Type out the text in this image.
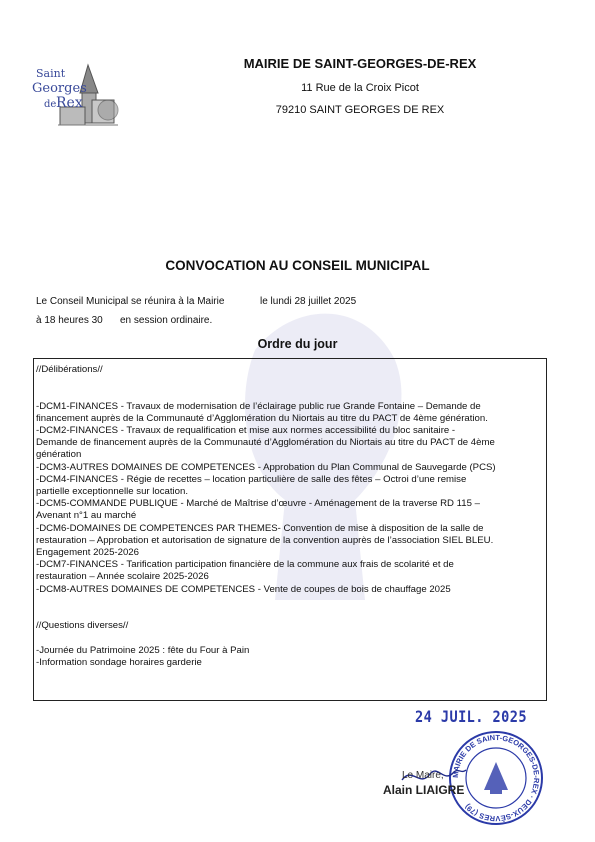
Saint
Georges
de Rex
MAIRIE DE SAINT-GEORGES-DE-REX
11 Rue de la Croix Picot
79210 SAINT GEORGES DE REX
CONVOCATION AU CONSEIL MUNICIPAL
Le Conseil Municipal se réunira à la Mairie	le lundi 28 juillet 2025
à 18 heures 30 en session ordinaire.
Ordre du jour
//Délibérations//
-DCM1-FINANCES - Travaux de modernisation de l’éclairage public rue Grande Fontaine – Demande de
financement auprès de la Communauté d’Agglomération du Niortais au titre du PACT de 4ème génération.
-DCM2-FINANCES - Travaux de requalification et mise aux normes accessibilité du bloc sanitaire -
Demande de financement auprès de la Communauté d’Agglomération du Niortais au titre du PACT de 4ème
génération
-DCM3-AUTRES DOMAINES DE COMPETENCES - Approbation du Plan Communal de Sauvegarde (PCS)
-DCM4-FINANCES - Régie de recettes – location particulière de salle des fêtes – Octroi d’une remise
partielle exceptionnelle sur location.
-DCM5-COMMANDE PUBLIQUE - Marché de Maîtrise d’œuvre - Aménagement de la traverse RD 115 –
Avenant n°1 au marché
-DCM6-DOMAINES DE COMPETENCES PAR THEMES- Convention de mise à disposition de la salle de
restauration – Approbation et autorisation de signature de la convention auprès de l’association SIEL BLEU.
Engagement 2025-2026
-DCM7-FINANCES - Tarification participation financière de la commune aux frais de scolarité et de
restauration – Année scolaire 2025-2026
-DCM8-AUTRES DOMAINES DE COMPETENCES - Vente de coupes de bois de chauffage 2025
//Questions diverses//
-Journée du Patrimoine 2025 : fête du Four à Pain
-Information sondage horaires garderie
24 JUIL. 2025
MAIRIE DE SAINT-GEORGES-DE-REX · DEUX-SÈVRES (79)
Le Maire,
Alain LIAIGRE
